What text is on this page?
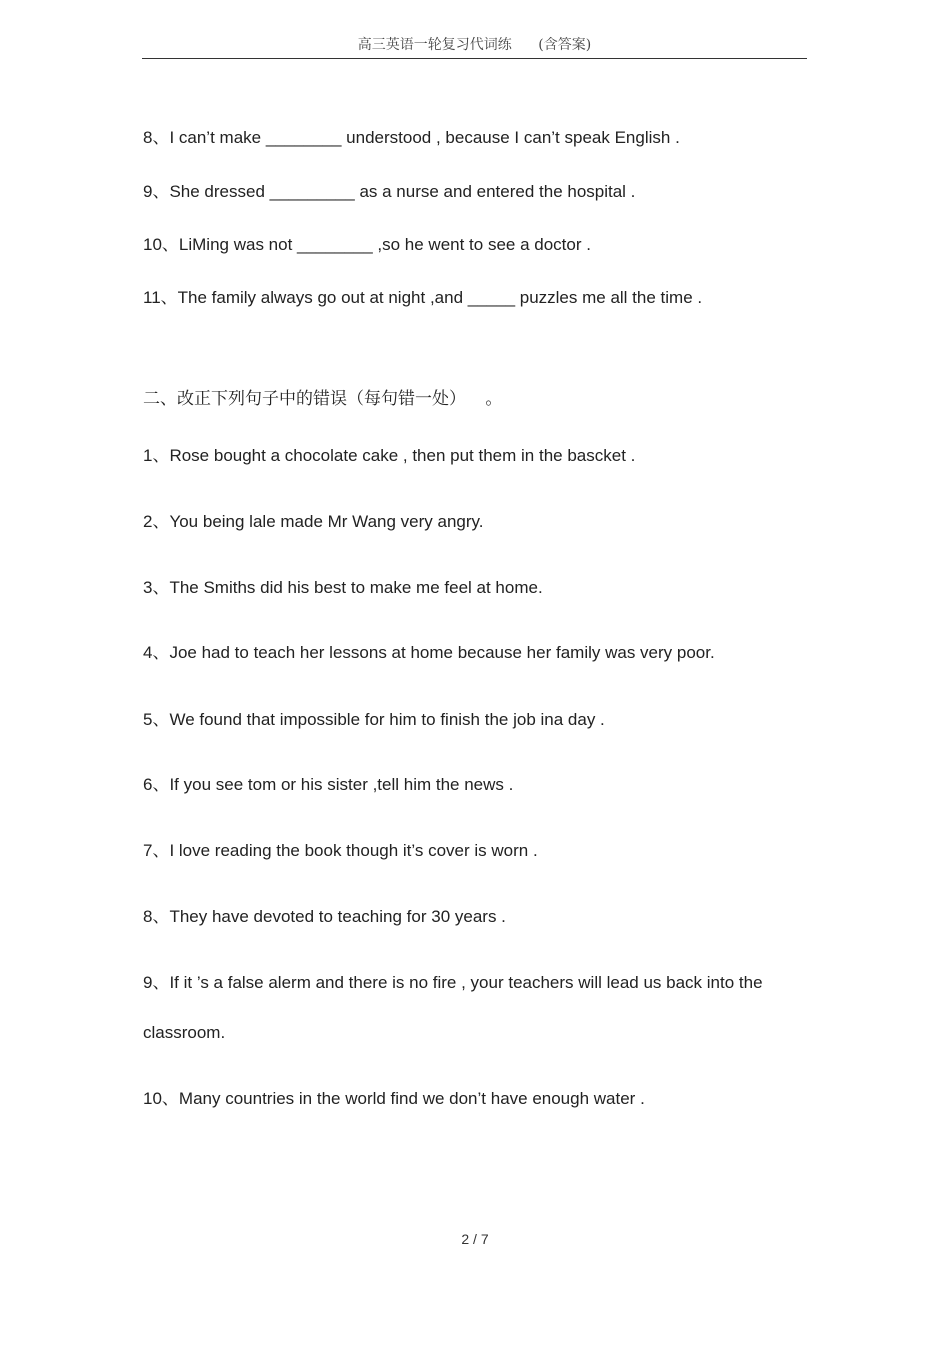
高三英语一轮复习代词练 (含答案)
8、I can’t make ________ understood , because I can’t speak English .
9、She dressed _________ as a nurse and entered the hospital .
10、LiMing was not ________ ,so he went to see a doctor .
11、The family always go out at night ,and _____ puzzles me all the time .
二、改正下列句子中的错误（每句错一处） 。
1、Rose bought a chocolate cake , then put them in the bascket .
2、You being lale made Mr Wang very angry.
3、The Smiths did his best to make me feel at home.
4、Joe had to teach her lessons at home because her family was very poor.
5、We found that impossible for him to finish the job ina day .
6、If you see tom or his sister ,tell him the news .
7、I love reading the book though it’s cover is worn .
8、They have devoted to teaching for 30 years .
9、If it ’s a false alerm and there is no fire , your teachers will lead us back into the
classroom.
10、Many countries in the world find we don’t have enough water .
2 / 7
